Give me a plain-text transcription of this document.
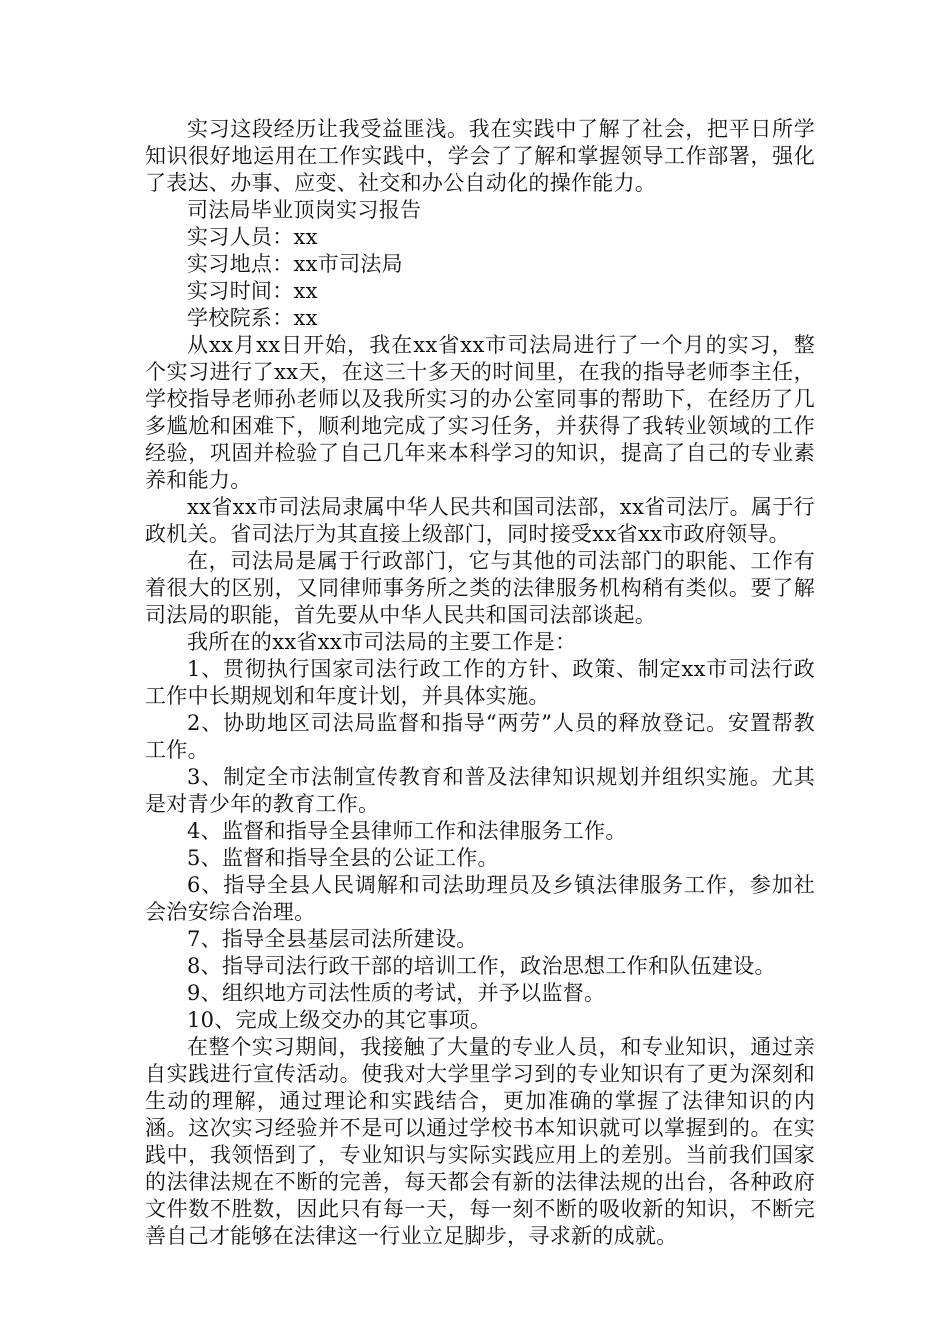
实习这段经历让我受益匪浅。我在实践中了解了社会，把平日所学知识很好地运用在工作实践中，学会了了解和掌握领导工作部署，强化了表达、办事、应变、社交和办公自动化的操作能力。

司法局毕业顶岗实习报告

实习人员：xx

实习地点：xx市司法局

实习时间：xx

学校院系：xx

从xx月xx日开始，我在xx省xx市司法局进行了一个月的实习，整个实习进行了xx天，在这三十多天的时间里，在我的指导老师李主任，学校指导老师孙老师以及我所实习的办公室同事的帮助下，在经历了几多尴尬和困难下，顺利地完成了实习任务，并获得了我转业领域的工作经验，巩固并检验了自己几年来本科学习的知识，提高了自己的专业素养和能力。

xx省xx市司法局隶属中华人民共和国司法部，xx省司法厅。属于行政机关。省司法厅为其直接上级部门，同时接受xx省xx市政府领导。

在，司法局是属于行政部门，它与其他的司法部门的职能、工作有着很大的区别，又同律师事务所之类的法律服务机构稍有类似。要了解司法局的职能，首先要从中华人民共和国司法部谈起。

我所在的xx省xx市司法局的主要工作是：

1、贯彻执行国家司法行政工作的方针、政策、制定xx市司法行政工作中长期规划和年度计划，并具体实施。

2、协助地区司法局监督和指导“两劳”人员的释放登记。安置帮教工作。

3、制定全市法制宣传教育和普及法律知识规划并组织实施。尤其是对青少年的教育工作。

4、监督和指导全县律师工作和法律服务工作。

5、监督和指导全县的公证工作。

6、指导全县人民调解和司法助理员及乡镇法律服务工作，参加社会治安综合治理。

7、指导全县基层司法所建设。

8、指导司法行政干部的培训工作，政治思想工作和队伍建设。

9、组织地方司法性质的考试，并予以监督。

10、完成上级交办的其它事项。

在整个实习期间，我接触了大量的专业人员，和专业知识，通过亲自实践进行宣传活动。使我对大学里学习到的专业知识有了更为深刻和生动的理解，通过理论和实践结合，更加准确的掌握了法律知识的内涵。这次实习经验并不是可以通过学校书本知识就可以掌握到的。在实践中，我领悟到了，专业知识与实际实践应用上的差别。当前我们国家的法律法规在不断的完善，每天都会有新的法律法规的出台，各种政府文件数不胜数，因此只有每一天，每一刻不断的吸收新的知识，不断完善自己才能够在法律这一行业立足脚步，寻求新的成就。
